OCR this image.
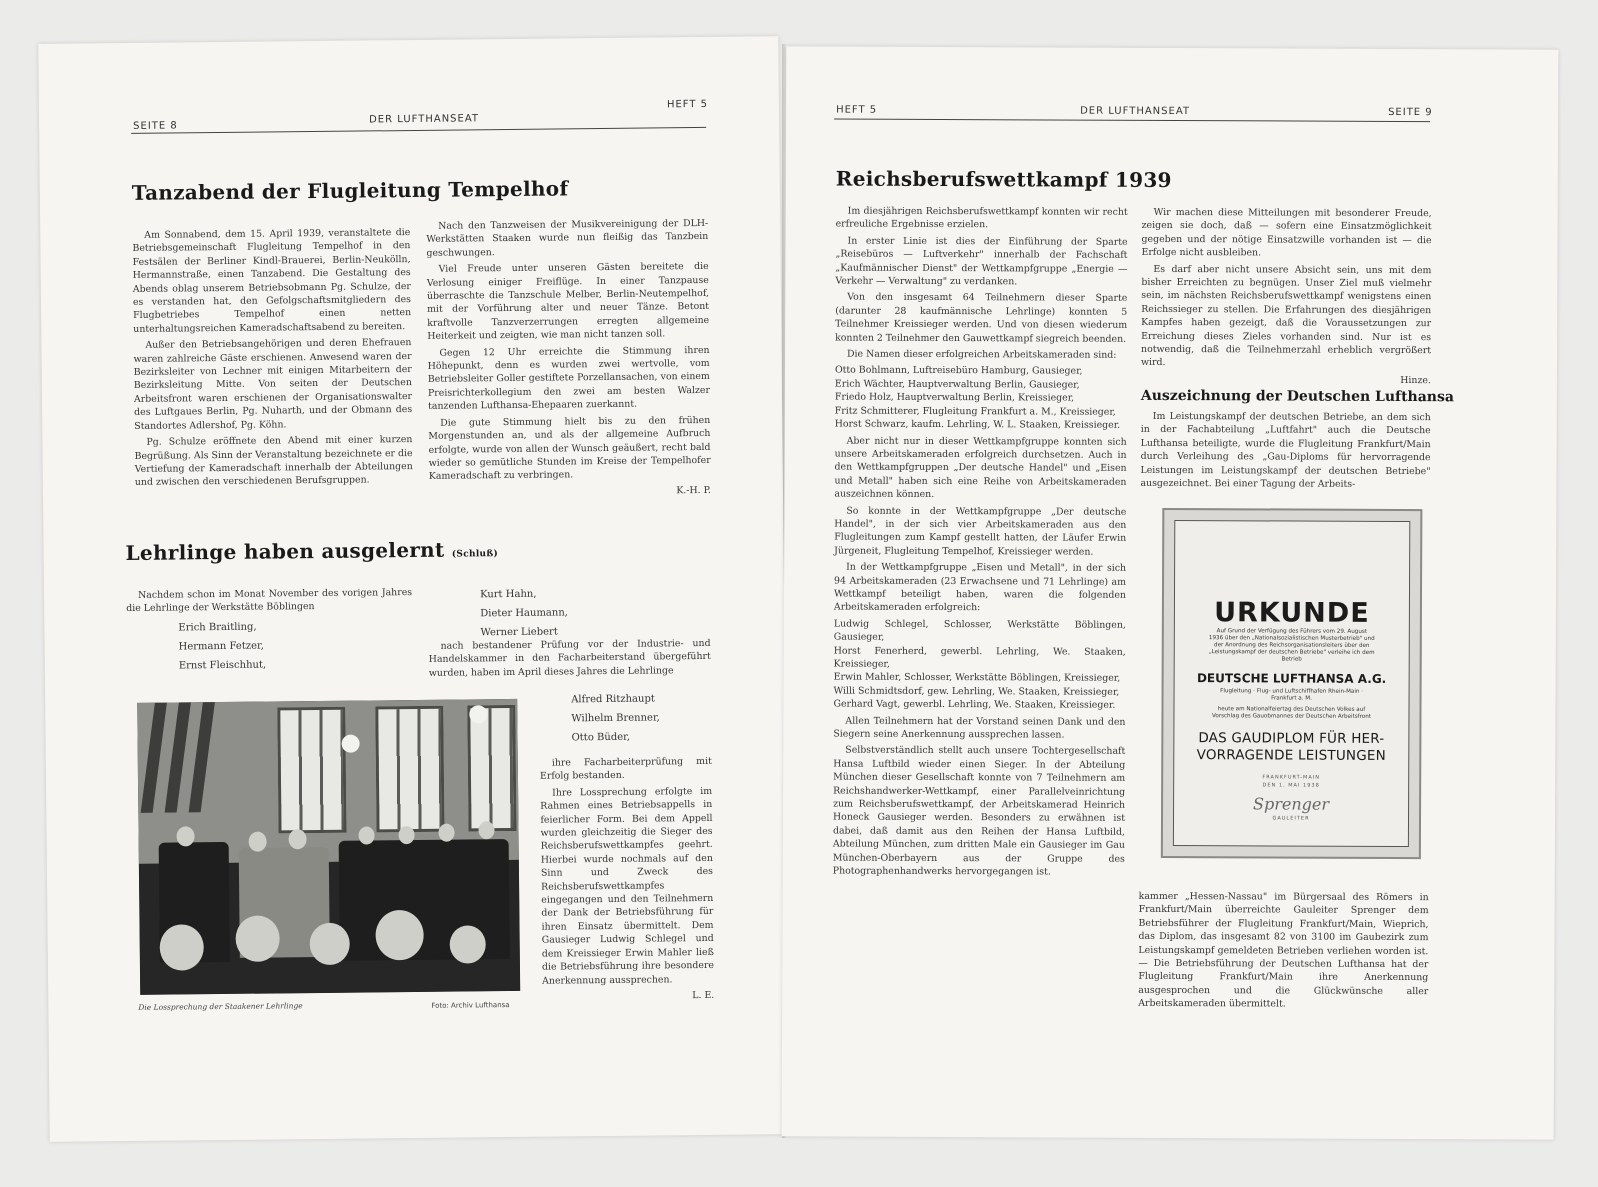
SEITE 8
DER LUFTHANSEAT
HEFT 5
Tanzabend der Flugleitung Tempelhof

Am Sonnabend, dem 15. April 1939, veranstaltete die Betriebsgemeinschaft Flugleitung Tempelhof in den Festsälen der Berliner Kindl-Brauerei, Berlin-Neukölln, Hermannstraße, einen Tanzabend. Die Gestaltung des Abends oblag unserem Betriebsobmann Pg. Schulze, der es verstanden hat, den Gefolgschaftsmitgliedern des Flugbetriebes Tempelhof einen netten unterhaltungsreichen Kameradschaftsabend zu bereiten.

Außer den Betriebsangehörigen und deren Ehefrauen waren zahlreiche Gäste erschienen. Anwesend waren der Bezirksleiter von Lechner mit einigen Mitarbeitern der Bezirksleitung Mitte. Von seiten der Deutschen Arbeitsfront waren erschienen der Organisationswalter des Luftgaues Berlin, Pg. Nuharth, und der Obmann des Standortes Adlershof, Pg. Köhn.

Pg. Schulze eröffnete den Abend mit einer kurzen Begrüßung. Als Sinn der Veranstaltung bezeichnete er die Vertiefung der Kameradschaft innerhalb der Abteilungen und zwischen den verschiedenen Berufsgruppen.

Nach den Tanzweisen der Musikvereinigung der DLH-Werkstätten Staaken wurde nun fleißig das Tanzbein geschwungen.

Viel Freude unter unseren Gästen bereitete die Verlosung einiger Freiflüge. In einer Tanzpause überraschte die Tanzschule Melber, Berlin-Neutempelhof, mit der Vorführung alter und neuer Tänze. Betont kraftvolle Tanzverzerrungen erregten allgemeine Heiterkeit und zeigten, wie man nicht tanzen soll.

Gegen 12 Uhr erreichte die Stimmung ihren Höhepunkt, denn es wurden zwei wertvolle, vom Betriebsleiter Goller gestiftete Porzellansachen, von einem Preisrichterkollegium den zwei am besten Walzer tanzenden Lufthansa-Ehepaaren zuerkannt.

Die gute Stimmung hielt bis zu den frühen Morgenstunden an, und als der allgemeine Aufbruch erfolgte, wurde von allen der Wunsch geäußert, recht bald wieder so gemütliche Stunden im Kreise der Tempelhofer Kameradschaft zu verbringen.

K.-H. P.
Lehrlinge haben ausgelernt (Schluß)

Nachdem schon im Monat November des vorigen Jahres die Lehrlinge der Werkstätte Böblingen

Erich Braitling,
Hermann Fetzer,
Ernst Fleischhut,
Kurt Hahn,
Dieter Haumann,
Werner Liebert

nach bestandener Prüfung vor der Industrie- und Handelskammer in den Facharbeiterstand übergeführt wurden, haben im April dieses Jahres die Lehrlinge

Alfred Ritzhaupt
Wilhelm Brenner,
Otto Büder,

ihre Facharbeiterprüfung mit Erfolg bestanden.

Ihre Lossprechung erfolgte im Rahmen eines Betriebsappells in feierlicher Form. Bei dem Appell wurden gleichzeitig die Sieger des Reichsberufswettkampfes geehrt. Hierbei wurde nochmals auf den Sinn und Zweck des Reichsberufswettkampfes eingegangen und den Teilnehmern der Dank der Betriebsführung für ihren Einsatz übermittelt. Dem Gausieger Ludwig Schlegel und dem Kreissieger Erwin Mahler ließ die Betriebsführung ihre besondere Anerkennung aussprechen.

L. E.
Die Lossprechung der Staakener Lehrlinge	Foto: Archiv Lufthansa
HEFT 5	DER LUFTHANSEAT	SEITE 9
Reichsberufswettkampf 1939

Im diesjährigen Reichsberufswettkampf konnten wir recht erfreuliche Ergebnisse erzielen.

In erster Linie ist dies der Einführung der Sparte „Reisebüros — Luftverkehr" innerhalb der Fachschaft „Kaufmännischer Dienst" der Wettkampfgruppe „Energie — Verkehr — Verwaltung" zu verdanken.

Von den insgesamt 64 Teilnehmern dieser Sparte (darunter 28 kaufmännische Lehrlinge) konnten 5 Teilnehmer Kreissieger werden. Und von diesen wiederum konnten 2 Teilnehmer den Gauwettkampf siegreich beenden.

Die Namen dieser erfolgreichen Arbeitskameraden sind:

Otto Bohlmann, Luftreisebüro Hamburg, Gausieger,
Erich Wächter, Hauptverwaltung Berlin, Gausieger,
Friedo Holz, Hauptverwaltung Berlin, Kreissieger,
Fritz Schmitterer, Flugleitung Frankfurt a. M., Kreissieger,
Horst Schwarz, kaufm. Lehrling, W. L. Staaken, Kreissieger.

Aber nicht nur in dieser Wettkampfgruppe konnten sich unsere Arbeitskameraden erfolgreich durchsetzen. Auch in den Wettkampfgruppen „Der deutsche Handel" und „Eisen und Metall" haben sich eine Reihe von Arbeitskameraden auszeichnen können.

So konnte in der Wettkampfgruppe „Der deutsche Handel", in der sich vier Arbeitskameraden aus den Flugleitungen zum Kampf gestellt hatten, der Läufer Erwin Jürgeneit, Flugleitung Tempelhof, Kreissieger werden.

In der Wettkampfgruppe „Eisen und Metall", in der sich 94 Arbeitskameraden (23 Erwachsene und 71 Lehrlinge) am Wettkampf beteiligt haben, waren die folgenden Arbeitskameraden erfolgreich:

Ludwig Schlegel, Schlosser, Werkstätte Böblingen, Gausieger,
Horst Fenerherd, gewerbl. Lehrling, We. Staaken, Kreissieger,
Erwin Mahler, Schlosser, Werkstätte Böblingen, Kreissieger,
Willi Schmidtsdorf, gew. Lehrling, We. Staaken, Kreissieger,
Gerhard Vagt, gewerbl. Lehrling, We. Staaken, Kreissieger.

Allen Teilnehmern hat der Vorstand seinen Dank und den Siegern seine Anerkennung aussprechen lassen.

Selbstverständlich stellt auch unsere Tochtergesellschaft Hansa Luftbild wieder einen Sieger. In der Abteilung München dieser Gesellschaft konnte von 7 Teilnehmern am Reichshandwerker-Wettkampf, einer Parallelveinrichtung zum Reichsberufswettkampf, der Arbeitskamerad Heinrich Honeck Gausieger werden. Besonders zu erwähnen ist dabei, daß damit aus den Reihen der Hansa Luftbild, Abteilung München, zum dritten Male ein Gausieger im Gau München-Oberbayern aus der Gruppe des Photographenhandwerks hervorgegangen ist.

Wir machen diese Mitteilungen mit besonderer Freude, zeigen sie doch, daß — sofern eine Einsatzmöglichkeit gegeben und der nötige Einsatzwille vorhanden ist — die Erfolge nicht ausbleiben.

Es darf aber nicht unsere Absicht sein, uns mit dem bisher Erreichten zu begnügen. Unser Ziel muß vielmehr sein, im nächsten Reichsberufswettkampf wenigstens einen Reichssieger zu stellen. Die Erfahrungen des diesjährigen Kampfes haben gezeigt, daß die Voraussetzungen zur Erreichung dieses Zieles vorhanden sind. Nur ist es notwendig, daß die Teilnehmerzahl erheblich vergrößert wird.

Hinze.
Auszeichnung der Deutschen Lufthansa

Im Leistungskampf der deutschen Betriebe, an dem sich in der Fachabteilung „Luftfahrt" auch die Deutsche Lufthansa beteiligte, wurde die Flugleitung Frankfurt/Main durch Verleihung des „Gau-Diploms für hervorragende Leistungen im Leistungskampf der deutschen Betriebe" ausgezeichnet. Bei einer Tagung der Arbeits-

URKUNDE
Auf Grund der Verfügung des Führers vom 29. August 1936 über den „Nationalsozialistischen Musterbetrieb" und der Anordnung des Reichsorganisationsleiters über den „Leistungskampf der deutschen Betriebe" verleihe ich dem Betrieb
DEUTSCHE LUFTHANSA A.G.
Flugleitung · Flug- und Luftschiffhafen Rhein-Main · Frankfurt a. M.
heute am Nationalfeiertag des Deutschen Volkes auf Vorschlag des Gauobmannes der Deutschen Arbeitsfront
DAS GAUDIPLOM FÜR HER-
VORRAGENDE LEISTUNGEN
FRANKFURT-MAIN
DEN 1. MAI 1938
Sprenger
GAULEITER

kammer „Hessen-Nassau" im Bürgersaal des Römers in Frankfurt/Main überreichte Gauleiter Sprenger dem Betriebsführer der Flugleitung Frankfurt/Main, Wieprich, das Diplom, das insgesamt 82 von 3100 im Gaubezirk zum Leistungskampf gemeldeten Betrieben verliehen worden ist. — Die Betriebsführung der Deutschen Lufthansa hat der Flugleitung Frankfurt/Main ihre Anerkennung ausgesprochen und die Glückwünsche aller Arbeitskameraden übermittelt.
